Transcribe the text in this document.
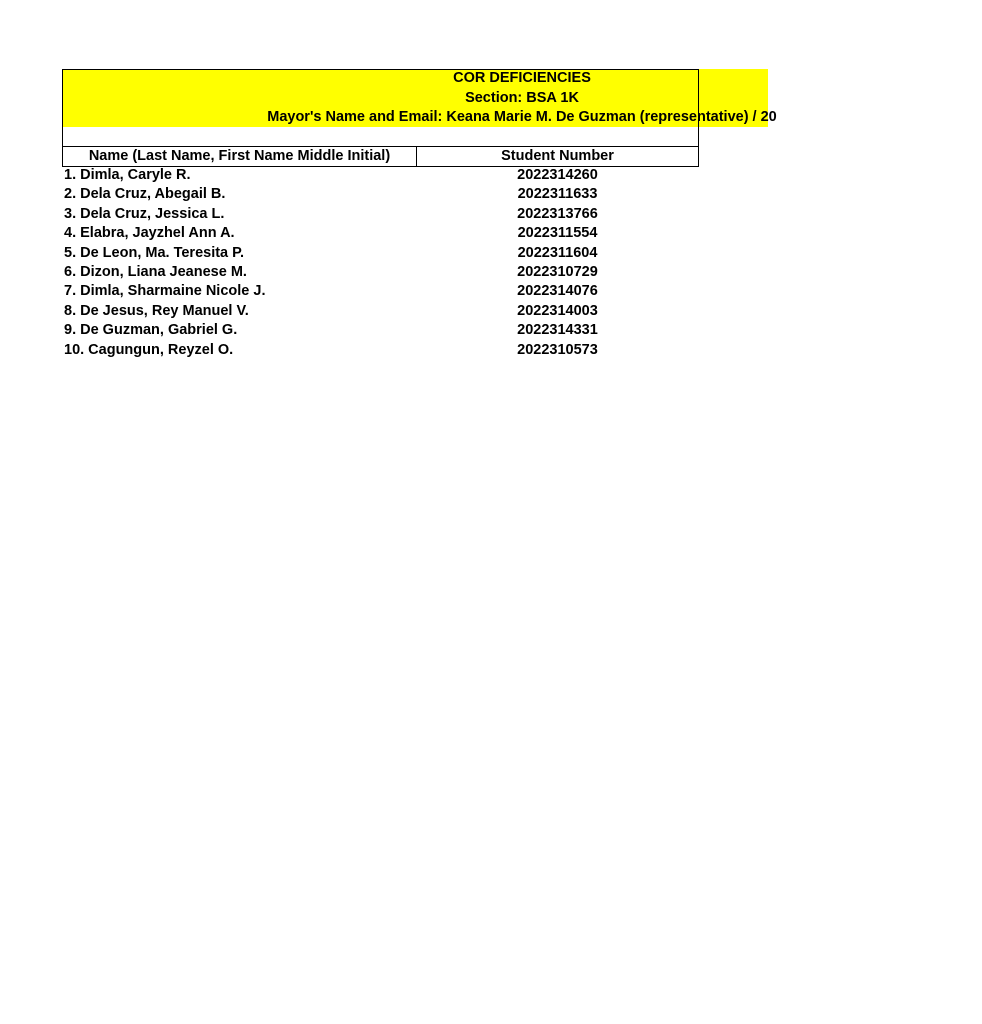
COR DEFICIENCIES
Section: BSA 1K
Mayor's Name and Email: Keana Marie M. De Guzman (representative) / 20
Name (Last Name, First Name Middle Initial)	Student Number
1. Dimla, Caryle R.	2022314260
2. Dela Cruz, Abegail B.	2022311633
3. Dela Cruz, Jessica L.	2022313766
4. Elabra, Jayzhel Ann A.	2022311554
5. De Leon, Ma. Teresita P.	2022311604
6. Dizon, Liana Jeanese M.	2022310729
7. Dimla, Sharmaine Nicole J.	2022314076
8. De Jesus, Rey Manuel V.	2022314003
9. De Guzman, Gabriel G.	2022314331
10. Cagungun, Reyzel O.	2022310573
